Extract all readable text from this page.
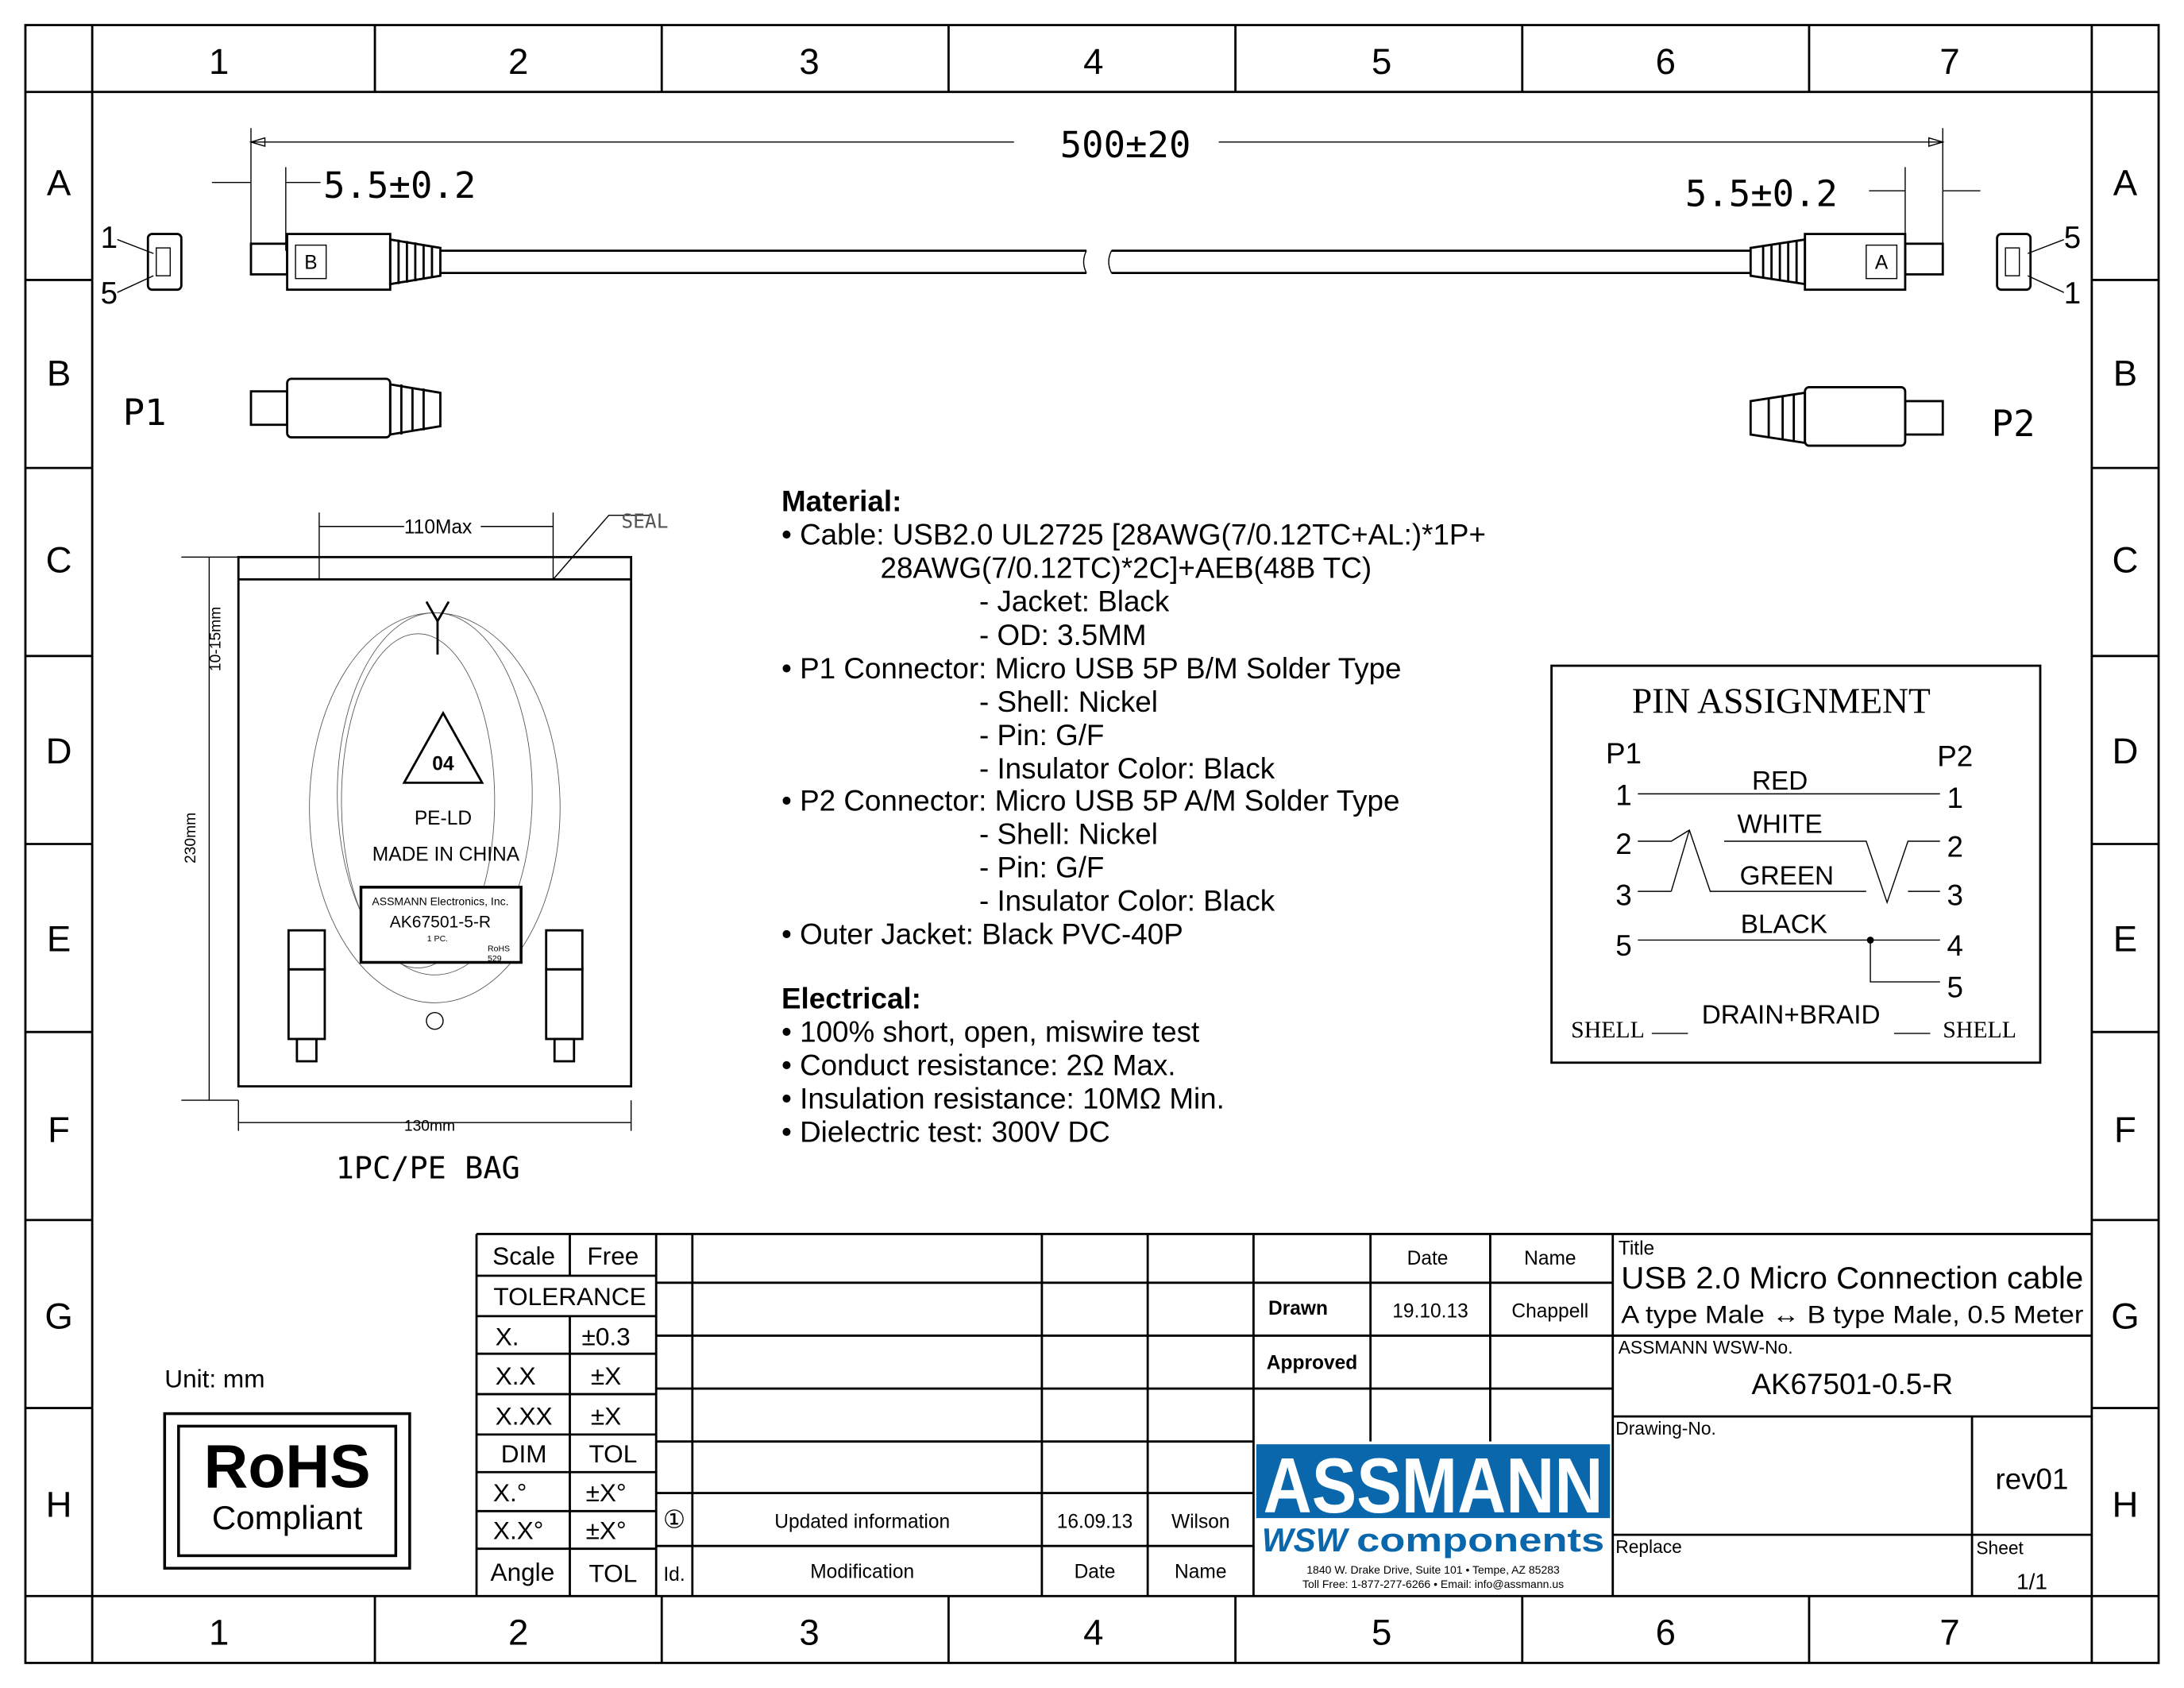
1	2	3	4	5	6	7
1	2	3	4	5	6	7
A
B
C
D
E
F
G
H
A
B
C
D
E
F
G
H
500±20
5.5±0.2	5.5±0.2
B	A
1
5
5
1
P1	P2
110Max	SEAL
10-15mm
230mm
130mm
1PC/PE BAG
04
PE-LD
MADE IN CHINA
ASSMANN Electronics, Inc.
AK67501-5-R
1 PC.
RoHS
529
Material:
• Cable: USB2.0 UL2725 [28AWG(7/0.12TC+AL:)*1P+
28AWG(7/0.12TC)*2C]+AEB(48B TC)
- Jacket: Black
- OD: 3.5MM
• P1 Connector: Micro USB 5P B/M Solder Type
- Shell: Nickel
- Pin: G/F
- Insulator Color: Black
• P2 Connector: Micro USB 5P A/M Solder Type
- Shell: Nickel
- Pin: G/F
- Insulator Color: Black
• Outer Jacket: Black PVC-40P
Electrical:
• 100% short, open, miswire test
• Conduct resistance: 2Ω Max.
• Insulation resistance: 10MΩ Min.
• Dielectric test: 300V DC
PIN ASSIGNMENT
P1	P2
1
2
3
5
1
2
3
4
5
RED
WHITE
GREEN
BLACK
DRAIN+BRAID
SHELL	SHELL
Unit: mm
RoHS
Compliant
Scale Free
TOLERANCE
X.	±0.3
X.X	±X
X.XX	±X
DIM	TOL
X.°	±X°
X.X°	±X°
Angle TOL
①	Updated information	16.09.13	Wilson
Id.	Modification	Date	Name
Date	Name
Drawn	19.10.13	Chappell
Approved
ASSMANN
WSW components
1840 W. Drake Drive, Suite 101 • Tempe, AZ 85283
Toll Free: 1-877-277-6266 • Email: info@assmann.us
Title
USB 2.0 Micro Connection cable
A type Male ↔ B type Male, 0.5 Meter
ASSMANN WSW-No.
AK67501-0.5-R
Drawing-No.
rev01
Replace	Sheet
1/1
